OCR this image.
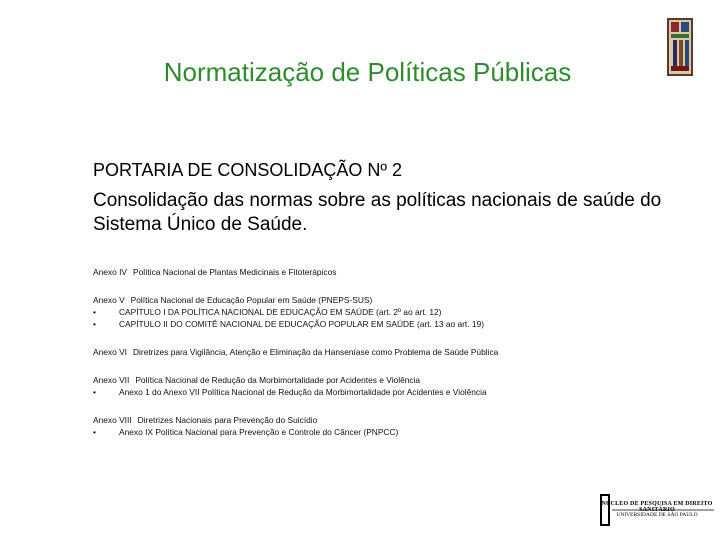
Normatização de Políticas Públicas
PORTARIA DE CONSOLIDAÇÃO Nº 2
Consolidação das normas sobre as políticas nacionais de saúde do Sistema Único de Saúde.
Anexo IV Política Nacional de Plantas Medicinais e Fitoterápicos
Anexo V Política Nacional de Educação Popular em Saúde (PNEPS-SUS)
•	CAPÍTULO I DA POLÍTICA NACIONAL DE EDUCAÇÃO EM SAÚDE (art. 2º ao art. 12)
•	CAPÍTULO II DO COMITÊ NACIONAL DE EDUCAÇÃO POPULAR EM SAÚDE (art. 13 ao art. 19)
Anexo VI Diretrizes para Vigilância, Atenção e Eliminação da Hanseníase como Problema de Saúde Pública
Anexo VII Política Nacional de Redução da Morbimortalidade por Acidentes e Violência
•	Anexo 1 do Anexo VII Política Nacional de Redução da Morbimortalidade por Acidentes e Violência
Anexo VIII Diretrizes Nacionais para Prevenção do Suicídio
•	Anexo IX Política Nacional para Prevenção e Controle do Câncer (PNPCC)
NÚCLEO DE PESQUISA EM DIREITO SANITÁRIO
UNIVERSIDADE DE SÃO PAULO
